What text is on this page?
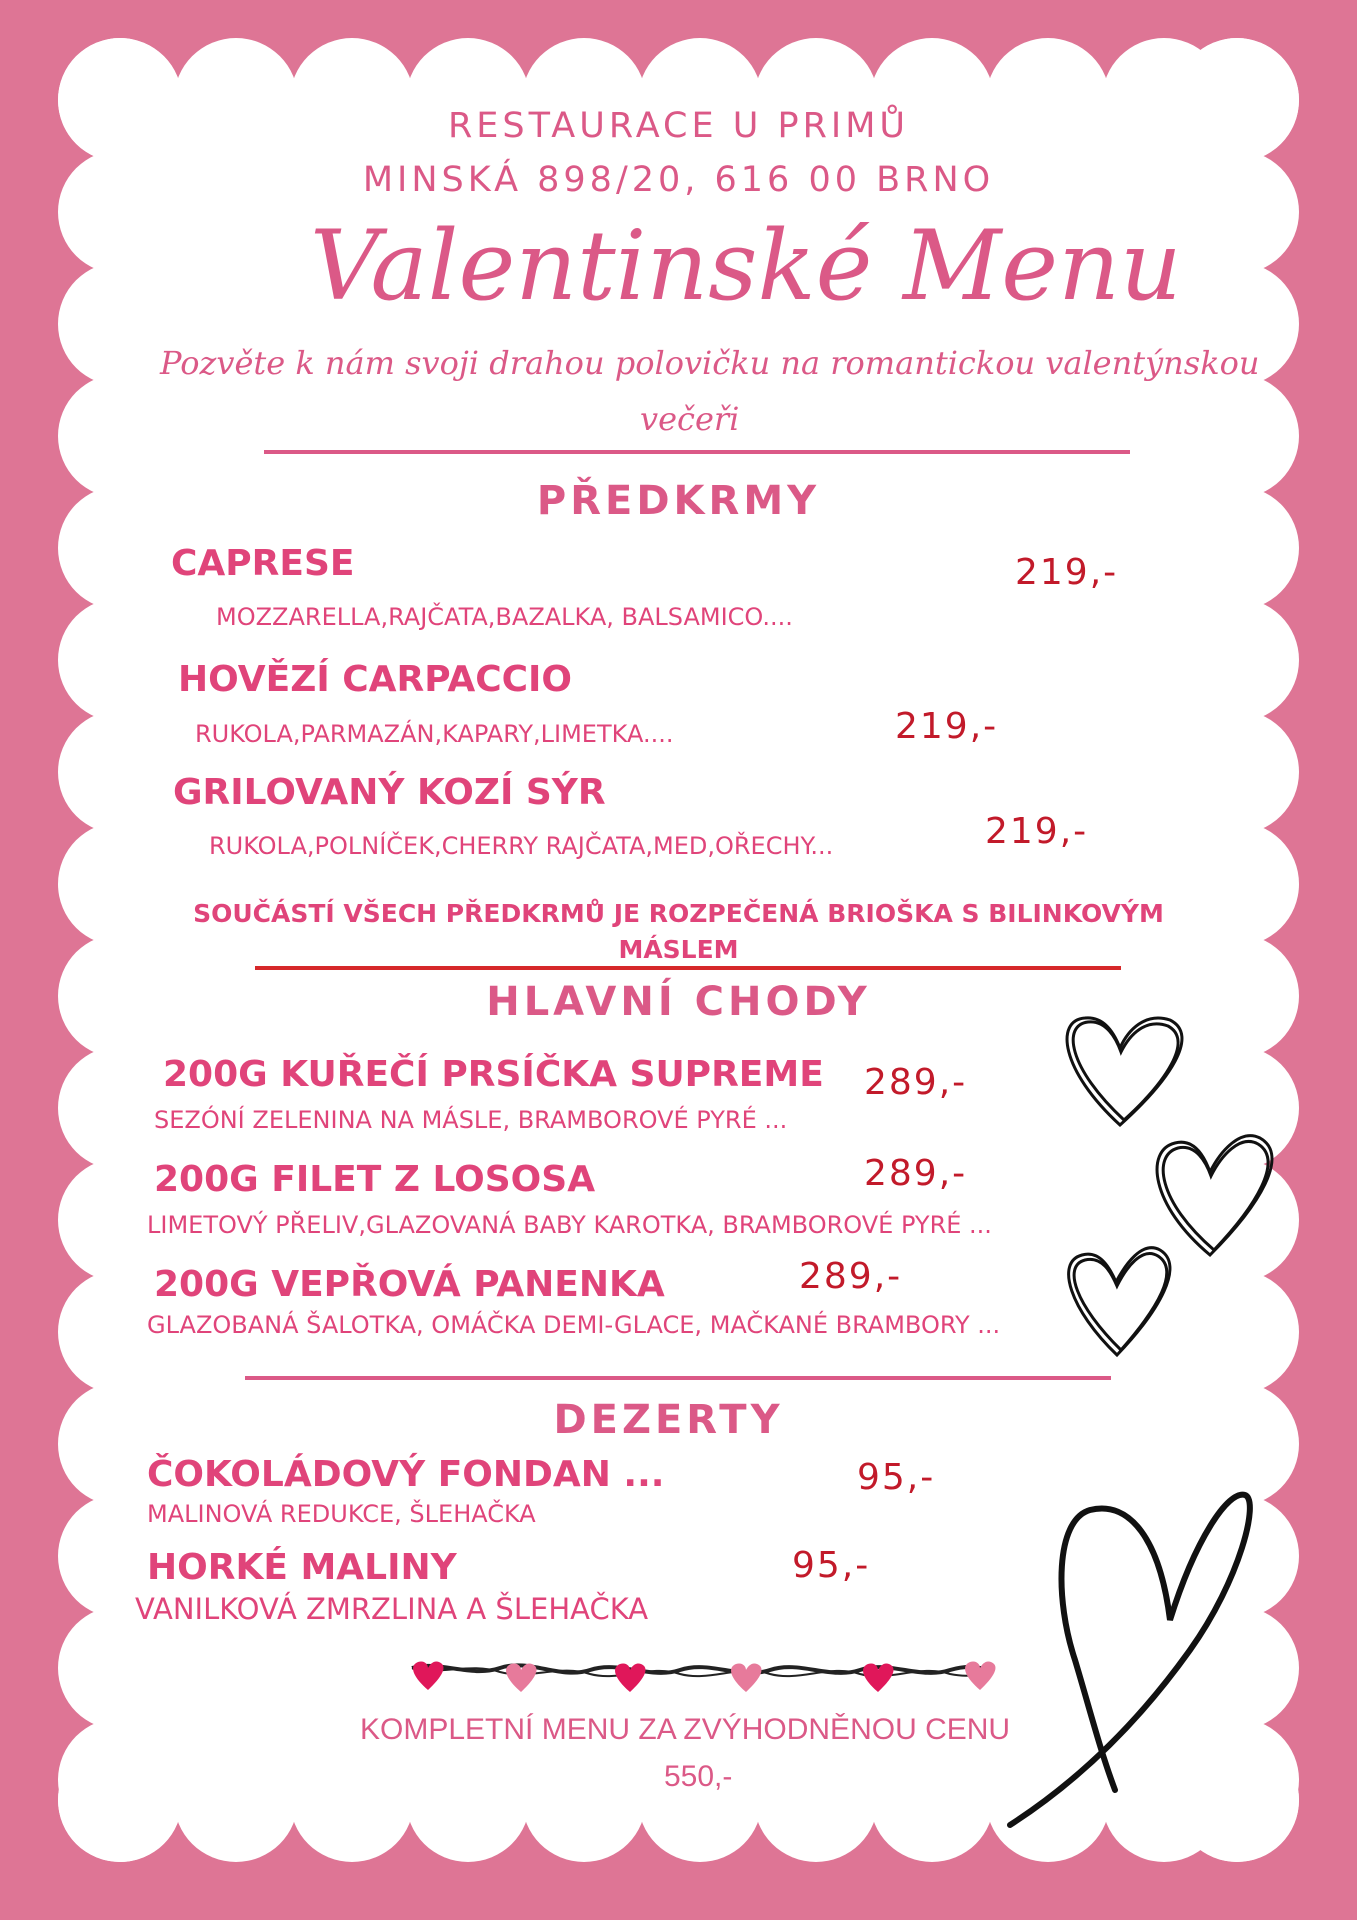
RESTAURACE U PRIMŮ

MINSKÁ 898/20, 616 00 BRNO

Valentinské Menu

Pozvěte k nám svoji drahou polovičku na romantickou valentýnskou

večeři

PŘEDKRMY

CAPRESE	219,-

MOZZARELLA,RAJČATA,BAZALKA, BALSAMICO....

HOVĚZÍ CARPACCIO

219,-

RUKOLA,PARMAZÁN,KAPARY,LIMETKA....

GRILOVANÝ KOZÍ SÝR

219,-

RUKOLA,POLNÍČEK,CHERRY RAJČATA,MED,OŘECHY...

SOUČÁSTÍ VŠECH PŘEDKRMŮ JE ROZPEČENÁ BRIOŠKA S BILINKOVÝM

MÁSLEM

HLAVNÍ CHODY

200G KUŘEČÍ PRSÍČKA SUPREME 289,-

SEZÓNÍ ZELENINA NA MÁSLE, BRAMBOROVÉ PYRÉ ...

200G FILET Z LOSOSA	289,-

LIMETOVÝ PŘELIV,GLAZOVANÁ BABY KAROTKA, BRAMBOROVÉ PYRÉ ...

200G VEPŘOVÁ PANENKA	289,-

GLAZOBANÁ ŠALOTKA, OMÁČKA DEMI-GLACE, MAČKANÉ BRAMBORY ...

DEZERTY

ČOKOLÁDOVÝ FONDAN ...	95,-

MALINOVÁ REDUKCE, ŠLEHAČKA

HORKÉ MALINY	95,-

VANILKOVÁ ZMRZLINA A ŠLEHAČKA

KOMPLETNÍ MENU ZA ZVÝHODNĚNOU CENU

550,-
